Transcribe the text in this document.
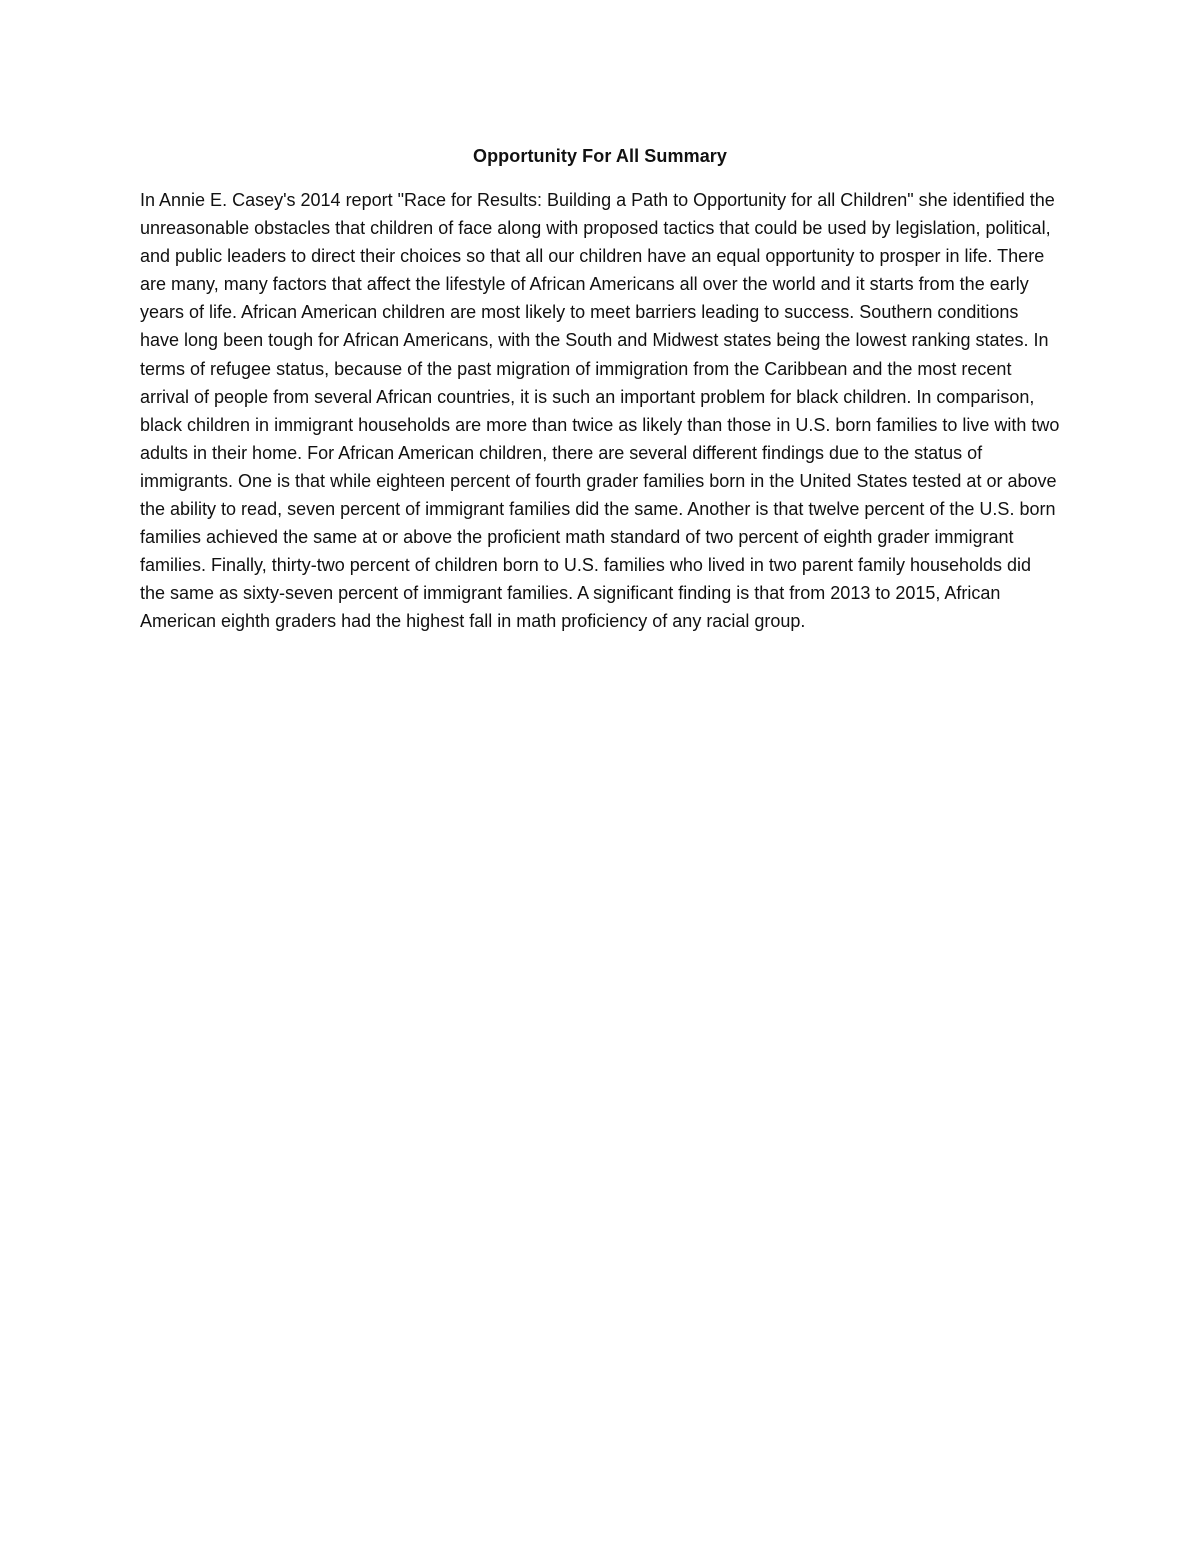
Opportunity For All Summary

In Annie E. Casey's 2014 report "Race for Results: Building a Path to Opportunity for all Children" she identified the unreasonable obstacles that children of face along with proposed tactics that could be used by legislation, political, and public leaders to direct their choices so that all our children have an equal opportunity to prosper in life. There are many, many factors that affect the lifestyle of African Americans all over the world and it starts from the early years of life. African American children are most likely to meet barriers leading to success. Southern conditions have long been tough for African Americans, with the South and Midwest states being the lowest ranking states. In terms of refugee status, because of the past migration of immigration from the Caribbean and the most recent arrival of people from several African countries, it is such an important problem for black children. In comparison, black children in immigrant households are more than twice as likely than those in U.S. born families to live with two adults in their home. For African American children, there are several different findings due to the status of immigrants. One is that while eighteen percent of fourth grader families born in the United States tested at or above the ability to read, seven percent of immigrant families did the same. Another is that twelve percent of the U.S. born families achieved the same at or above the proficient math standard of two percent of eighth grader immigrant families. Finally, thirty-two percent of children born to U.S. families who lived in two parent family households did the same as sixty-seven percent of immigrant families. A significant finding is that from 2013 to 2015, African American eighth graders had the highest fall in math proficiency of any racial group.
